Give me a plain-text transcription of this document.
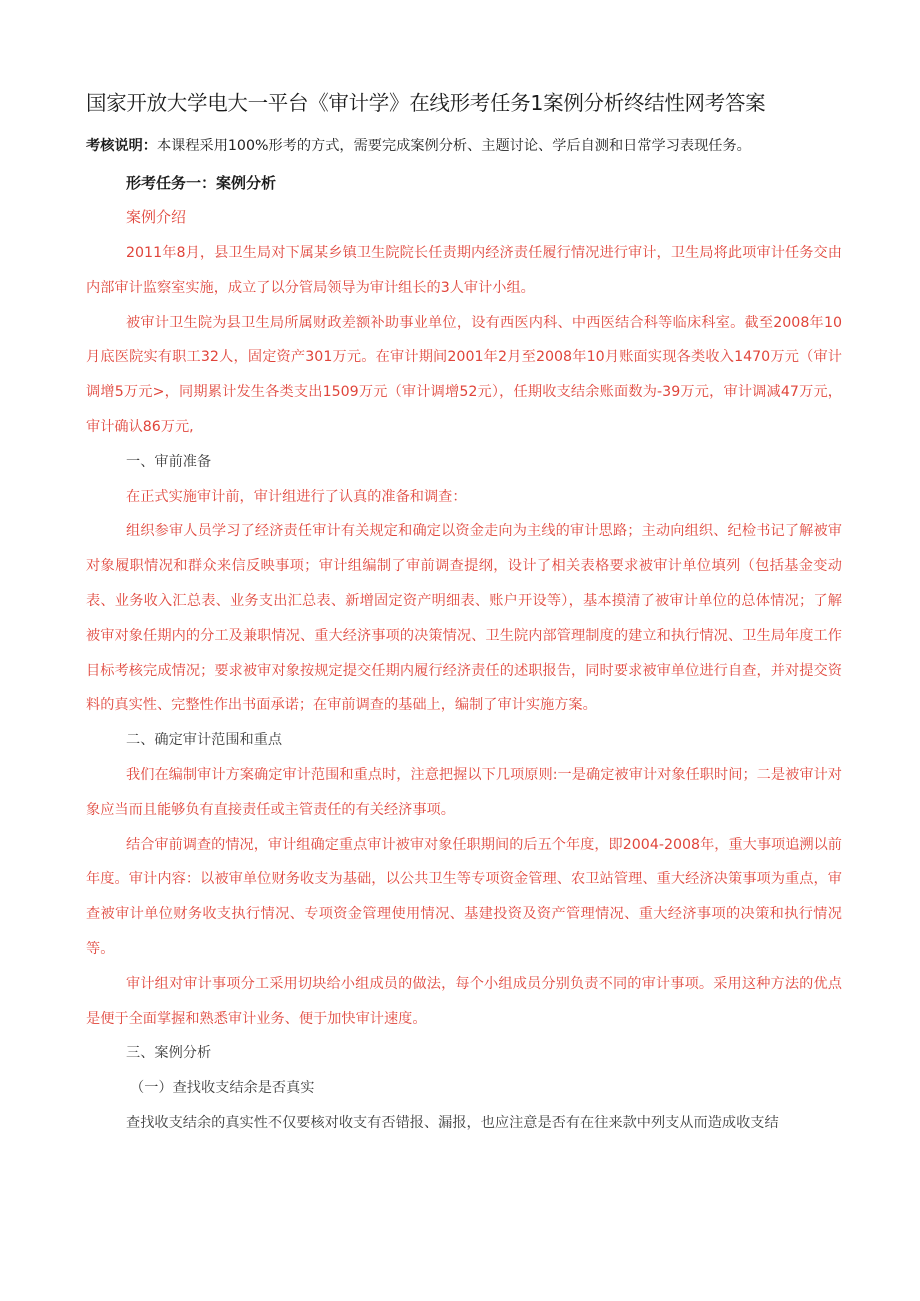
国家开放大学电大一平台《审计学》在线形考任务1案例分析终结性网考答案
考核说明：本课程采用100%形考的方式，需要完成案例分析、主题讨论、学后自测和日常学习表现任务。
形考任务一：案例分析
案例介绍

2011年8月，县卫生局对下属某乡镇卫生院院长任责期内经济责任履行情况进行审计，卫生局将此项审计任务交由内部审计监察室实施，成立了以分管局领导为审计组长的3人审计小组。

被审计卫生院为县卫生局所属财政差额补助事业单位，设有西医内科、中西医结合科等临床科室。截至2008年10月底医院实有职工32人，固定资产301万元。在审计期间2001年2月至2008年10月账面实现各类收入1470万元（审计调增5万元>，同期累计发生各类支出1509万元（审计调增52元），任期收支结余账面数为-39万元，审计调减47万元，审计确认86万元,

一、审前准备

在正式实施审计前，审计组进行了认真的准备和调查：

组织参审人员学习了经济责任审计有关规定和确定以资金走向为主线的审计思路；主动向组织、纪检书记了解被审对象履职情况和群众来信反映事项；审计组编制了审前调查提纲，设计了相关表格要求被审计单位填列（包括基金变动表、业务收入汇总表、业务支出汇总表、新增固定资产明细表、账户开设等），基本摸清了被审计单位的总体情况；了解被审对象任期内的分工及兼职情况、重大经济事项的决策情况、卫生院内部管理制度的建立和执行情况、卫生局年度工作目标考核完成情况；要求被审对象按规定提交任期内履行经济责任的述职报告，同时要求被审单位进行自查，并对提交资料的真实性、完整性作出书面承诺；在审前调查的基础上，编制了审计实施方案。

二、确定审计范围和重点

我们在编制审计方案确定审计范围和重点时，注意把握以下几项原则:一是确定被审计对象任职时间；二是被审计对象应当而且能够负有直接责任或主管责任的有关经济事项。

结合审前调查的情况，审计组确定重点审计被审对象任职期间的后五个年度，即2004-2008年，重大事项追溯以前年度。审计内容：以被审单位财务收支为基础，以公共卫生等专项资金管理、农卫站管理、重大经济决策事项为重点，审查被审计单位财务收支执行情况、专项资金管理使用情况、基建投资及资产管理情况、重大经济事项的决策和执行情况等。

审计组对审计事项分工采用切块给小组成员的做法，每个小组成员分别负责不同的审计事项。采用这种方法的优点是便于全面掌握和熟悉审计业务、便于加快审计速度。

三、案例分析
（一）查找收支结余是否真实

查找收支结余的真实性不仅要核对收支有否错报、漏报，也应注意是否有在往来款中列支从而造成收支结
